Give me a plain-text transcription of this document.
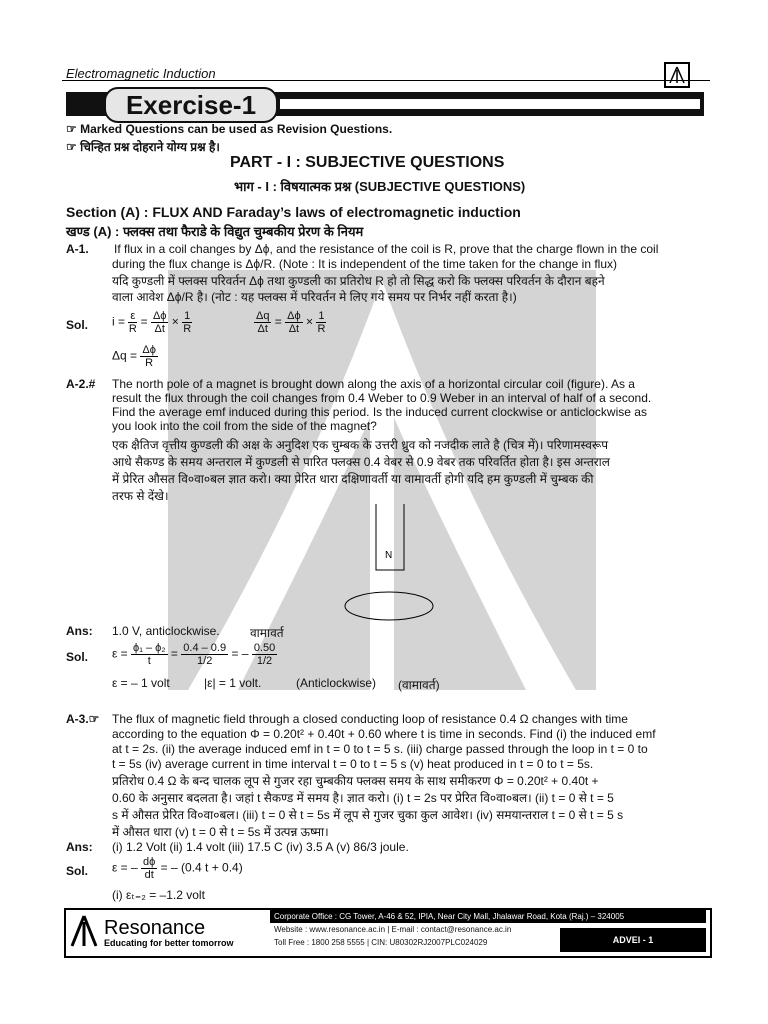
Electromagnetic Induction
Exercise-1
☞ Marked Questions can be used as Revision Questions.
☞ चिन्हित प्रश्न दोहराने योग्य प्रश्न है।
PART - I : SUBJECTIVE QUESTIONS
भाग - I : विषयात्मक प्रश्न (SUBJECTIVE QUESTIONS)
Section (A) : FLUX AND Faraday’s laws of electromagnetic induction
खण्ड (A) : फ्लक्स तथा फैराडे के विद्युत चुम्बकीय प्रेरण के नियम
A-1. If flux in a coil changes by Δϕ, and the resistance of the coil is R, prove that the charge flown in the coil
during the flux change is Δϕ/R. (Note : It is independent of the time taken for the change in flux)
यदि कुण्डली में फ्लक्स परिवर्तन Δϕ तथा कुण्डली का प्रतिरोध R हो तो सिद्ध करो कि फ्लक्स परिवर्तन के दौरान बहने
वाला आवेश Δϕ/R है। (नोट : यह फ्लक्स में परिवर्तन मे लिए गये समय पर निर्भर नहीं करता है।)
Sol. $i = \frac{\varepsilon}{R} = \frac{\Delta\phi}{\Delta t} \times \frac{1}{R}$	$\frac{\Delta q}{\Delta t} = \frac{\Delta\phi}{\Delta t} \times \frac{1}{R}$
$\Delta q = \frac{\Delta\phi}{R}$
A-2.# The north pole of a magnet is brought down along the axis of a horizontal circular coil (figure). As a
result the flux through the coil changes from 0.4 Weber to 0.9 Weber in an interval of half of a second.
Find the average emf induced during this period. Is the induced current clockwise or anticlockwise as
you look into the coil from the side of the magnet?
एक क्षैतिज वृत्तीय कुण्डली की अक्ष के अनुदिश एक चुम्बक के उत्तरी ध्रुव को नजदीक लाते है (चित्र में)। परिणामस्वरूप
आधे सैकण्ड के समय अन्तराल में कुण्डली से पारित फ्लक्स 0.4 वेबर से 0.9 वेबर तक परिवर्तित होता है। इस अन्तराल
में प्रेरित औसत वि०वा०बल ज्ञात करो। क्या प्रेरित धारा दक्षिणावर्ती या वामावर्ती होगी यदि हम कुण्डली में चुम्बक की
तरफ से देंखे।
N
Ans: 1.0 V, anticlockwise.	वामावर्त
Sol. $\varepsilon = \frac{\text{ϕ₁ – ϕ₂}}{t} = \frac{0.4 - 0.9}{1/2}$ = – $\frac{0.50}{1/2}$
ε = – 1 volt	|ε| = 1 volt.	(Anticlockwise) (वामावर्त)
A-3.☞ The flux of magnetic field through a closed conducting loop of resistance 0.4 Ω changes with time
according to the equation Φ = 0.20t² + 0.40t + 0.60 where t is time in seconds. Find (i) the induced emf
at t = 2s. (ii) the average induced emf in t = 0 to t = 5 s. (iii) charge passed through the loop in t = 0 to
t = 5s (iv) average current in time interval t = 0 to t = 5 s (v) heat produced in t = 0 to t = 5s.
प्रतिरोध 0.4 Ω के बन्द चालक लूप से गुजर रहा चुम्बकीय फ्लक्स समय के साथ समीकरण Φ = 0.20t² + 0.40t +
0.60 के अनुसार बदलता है। जहां t सैकण्ड में समय है। ज्ञात करो। (i) t = 2s पर प्रेरित वि०वा०बल। (ii) t = 0 से t = 5
s में औसत प्रेरित वि०वा०बल। (iii) t = 0 से t = 5s में लूप से गुजर चुका कुल आवेश। (iv) समयान्तराल t = 0 से t = 5 s
में औसत धारा (v) t = 0 से t = 5s में उत्पन्न ऊष्मा।
Ans: (i) 1.2 Volt (ii) 1.4 volt (iii) 17.5 C (iv) 3.5 A (v) 86/3 joule.
Sol. ε = – $\frac{d\phi}{dt}$ = – (0.4 t + 0.4)
(i) εₜ₌₂ = –1.2 volt
Resonance
Educating for better tomorrow
Corporate Office : CG Tower, A-46 & 52, IPIA, Near City Mall, Jhalawar Road, Kota (Raj.) – 324005
Website : www.resonance.ac.in | E-mail : contact@resonance.ac.in
Toll Free : 1800 258 5555 | CIN: U80302RJ2007PLC024029	ADVEI - 1
